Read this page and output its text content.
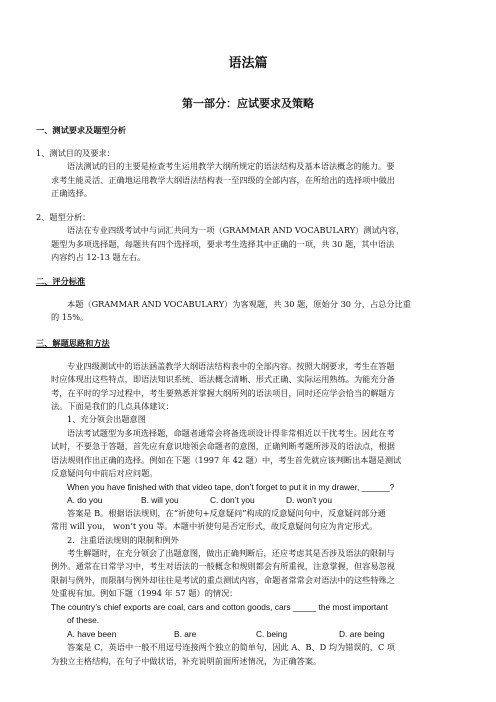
语法篇
第一部分：应试要求及策略
一、测试要求及题型分析
1、测试目的及要求：
语法测试的目的主要是检查考生运用教学大纲所规定的语法结构及基本语法概念的能力。要
求考生能灵活、正确地运用教学大纲语法结构表一至四级的全部内容，在所给出的选择项中做出
正确选择。
2、题型分析：
语法在专业四级考试中与词汇共同为一项（GRAMMAR AND VOCABULARY）测试内容，
题型为多项选择题，每题共有四个选择项，要求考生选择其中正确的一项，共 30 题，其中语法
内容约占 12-13 题左右。
二、评分标准
本题（GRAMMAR AND VOCABULARY）为客观题，共 30 题，原始分 30 分，占总分比重
的 15%。
三、解题思路和方法
专业四级测试中的语法涵盖教学大纲语法结构表中的全部内容。按照大纲要求，考生在答题
时应体现出这些特点，即语法知识系统、语法概念清晰、形式正确、实际运用熟练。为能充分备
考，在平时的学习过程中，考生要熟悉并掌握大纲所列的语法项目，同时还应学会恰当的解题方
法。下面是我们的几点具体建议：
1、充分领会出题意图
语法考试题型为多项选择题，命题者通常会将备选项设计得非常相近以干扰考生。因此在考
试时，不要急于答题，首先应有意识地领会命题者的意图，正确判断考题所涉及的语法点，根据
语法规则作出正确的选择。例如在下题（1997 年 42 题）中，考生首先就应该判断出本题是测试
反意疑问句中前后对应问题。
When you have finished with that video tape, don’t forget to put it in my drawer, ______?
A. do you	B. will you	C. don’t you	D. won’t you
答案是 B。根据语法规则，在“祈使句+反意疑问”构成的反意疑问句中，反意疑问部分通
常用 will you， won’t you 等。本题中祈使句是否定形式，故反意疑问句应为肯定形式。
2．注重语法规则的限制和例外
考生解题时，在充分领会了出题意图，做出正确判断后，还应考虑其是否涉及语法的限制与
例外。通常在日常学习中，考生对语法的一般概念和规则都会有所重视，注意掌握，但容易忽视
限制与例外，而限制与例外却往往是考试的重点测试内容，命题者常常会对语法中的这些特殊之
处重视有加。例如下题（1994 年 57 题）的情况：
The country’s chief exports are coal, cars and cotton goods, cars _____ the most important
of these.
A. have been	B. are	C. being	D. are being
答案是 C，英语中一般不用逗号连接两个独立的简单句，因此 A、B、D 均为错误的，C 项
为独立主格结构，在句子中做状语，补充说明前面所述情况，为正确答案。
